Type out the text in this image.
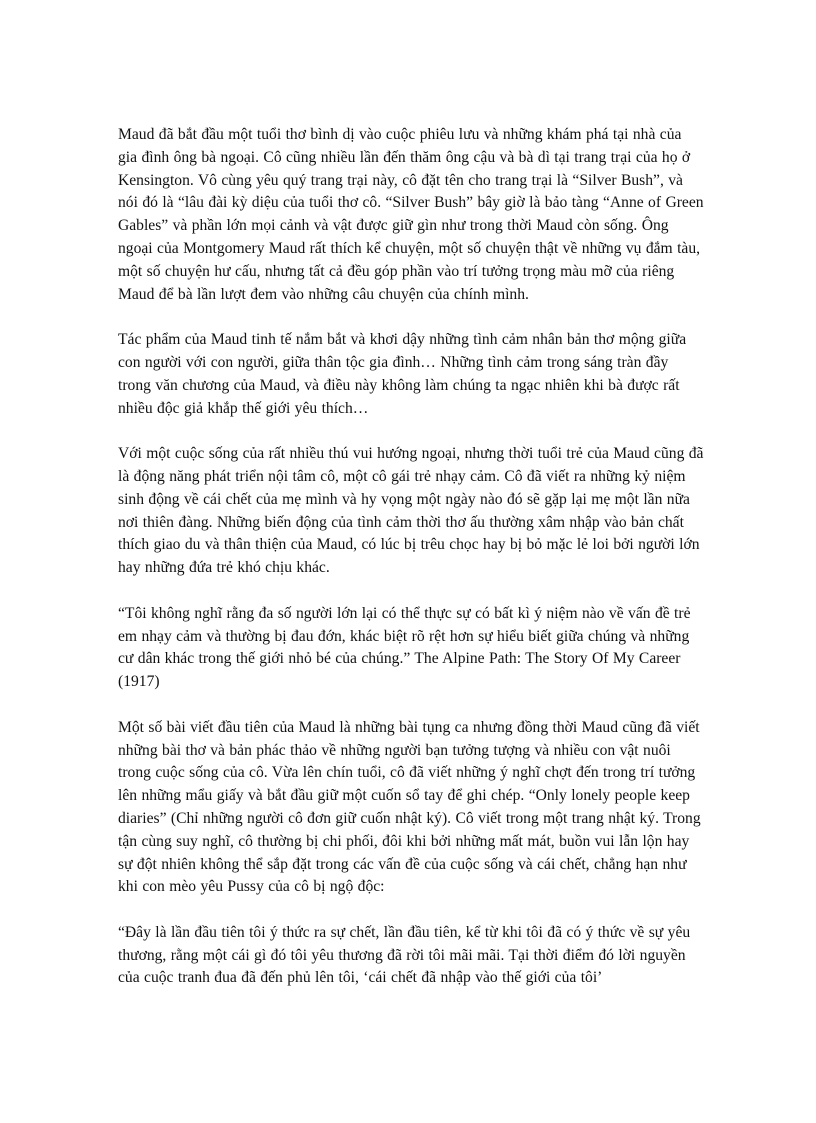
Maud đã bắt đầu một tuổi thơ bình dị vào cuộc phiêu lưu và những khám phá tại nhà của gia đình ông bà ngoại. Cô cũng nhiều lần đến thăm ông cậu và bà dì tại trang trại của họ ở Kensington. Vô cùng yêu quý trang trại này, cô đặt tên cho trang trại là “Silver Bush”, và nói đó là “lâu đài kỳ diệu của tuổi thơ cô. “Silver Bush” bây giờ là bảo tàng “Anne of Green Gables” và phần lớn mọi cảnh và vật được giữ gìn như trong thời Maud còn sống. Ông ngoại của Montgomery Maud rất thích kể chuyện, một số chuyện thật về những vụ đắm tàu, một số chuyện hư cấu, nhưng tất cả đều góp phần vào trí tưởng trọng màu mỡ của riêng Maud để bà lần lượt đem vào những câu chuyện của chính mình.

Tác phẩm của Maud tinh tế nắm bắt và khơi dậy những tình cảm nhân bản thơ mộng giữa con người với con người, giữa thân tộc gia đình… Những tình cảm trong sáng tràn đầy trong văn chương của Maud, và điều này không làm chúng ta ngạc nhiên khi bà được rất nhiều độc giả khắp thế giới yêu thích…

Với một cuộc sống của rất nhiều thú vui hướng ngoại, nhưng thời tuổi trẻ của Maud cũng đã là động năng phát triển nội tâm cô, một cô gái trẻ nhạy cảm. Cô đã viết ra những kỷ niệm sinh động về cái chết của mẹ mình và hy vọng một ngày nào đó sẽ gặp lại mẹ một lần nữa nơi thiên đàng. Những biến động của tình cảm thời thơ ấu thường xâm nhập vào bản chất thích giao du và thân thiện của Maud, có lúc bị trêu chọc hay bị bỏ mặc lẻ loi bởi người lớn hay những đứa trẻ khó chịu khác.

“Tôi không nghĩ rằng đa số người lớn lại có thể thực sự có bất kì ý niệm nào về vấn đề trẻ em nhạy cảm và thường bị đau đớn, khác biệt rõ rệt hơn sự hiểu biết giữa chúng và những cư dân khác trong thế giới nhỏ bé của chúng.” The Alpine Path: The Story Of My Career (1917)

Một số bài viết đầu tiên của Maud là những bài tụng ca nhưng đồng thời Maud cũng đã viết những bài thơ và bản phác thảo về những người bạn tưởng tượng và nhiều con vật nuôi trong cuộc sống của cô. Vừa lên chín tuổi, cô đã viết những ý nghĩ chợt đến trong trí tưởng lên những mẩu giấy và bắt đầu giữ một cuốn sổ tay để ghi chép. “Only lonely people keep diaries” (Chỉ những người cô đơn giữ cuốn nhật ký). Cô viết trong một trang nhật ký. Trong tận cùng suy nghĩ, cô thường bị chi phối, đôi khi bởi những mất mát, buồn vui lẫn lộn hay sự đột nhiên không thể sắp đặt trong các vấn đề của cuộc sống và cái chết, chẳng hạn như khi con mèo yêu Pussy của cô bị ngộ độc:

“Đây là lần đầu tiên tôi ý thức ra sự chết, lần đầu tiên, kể từ khi tôi đã có ý thức về sự yêu thương, rằng một cái gì đó tôi yêu thương đã rời tôi mãi mãi. Tại thời điểm đó lời nguyền của cuộc tranh đua đã đến phủ lên tôi, ‘cái chết đã nhập vào thế giới của tôi’
